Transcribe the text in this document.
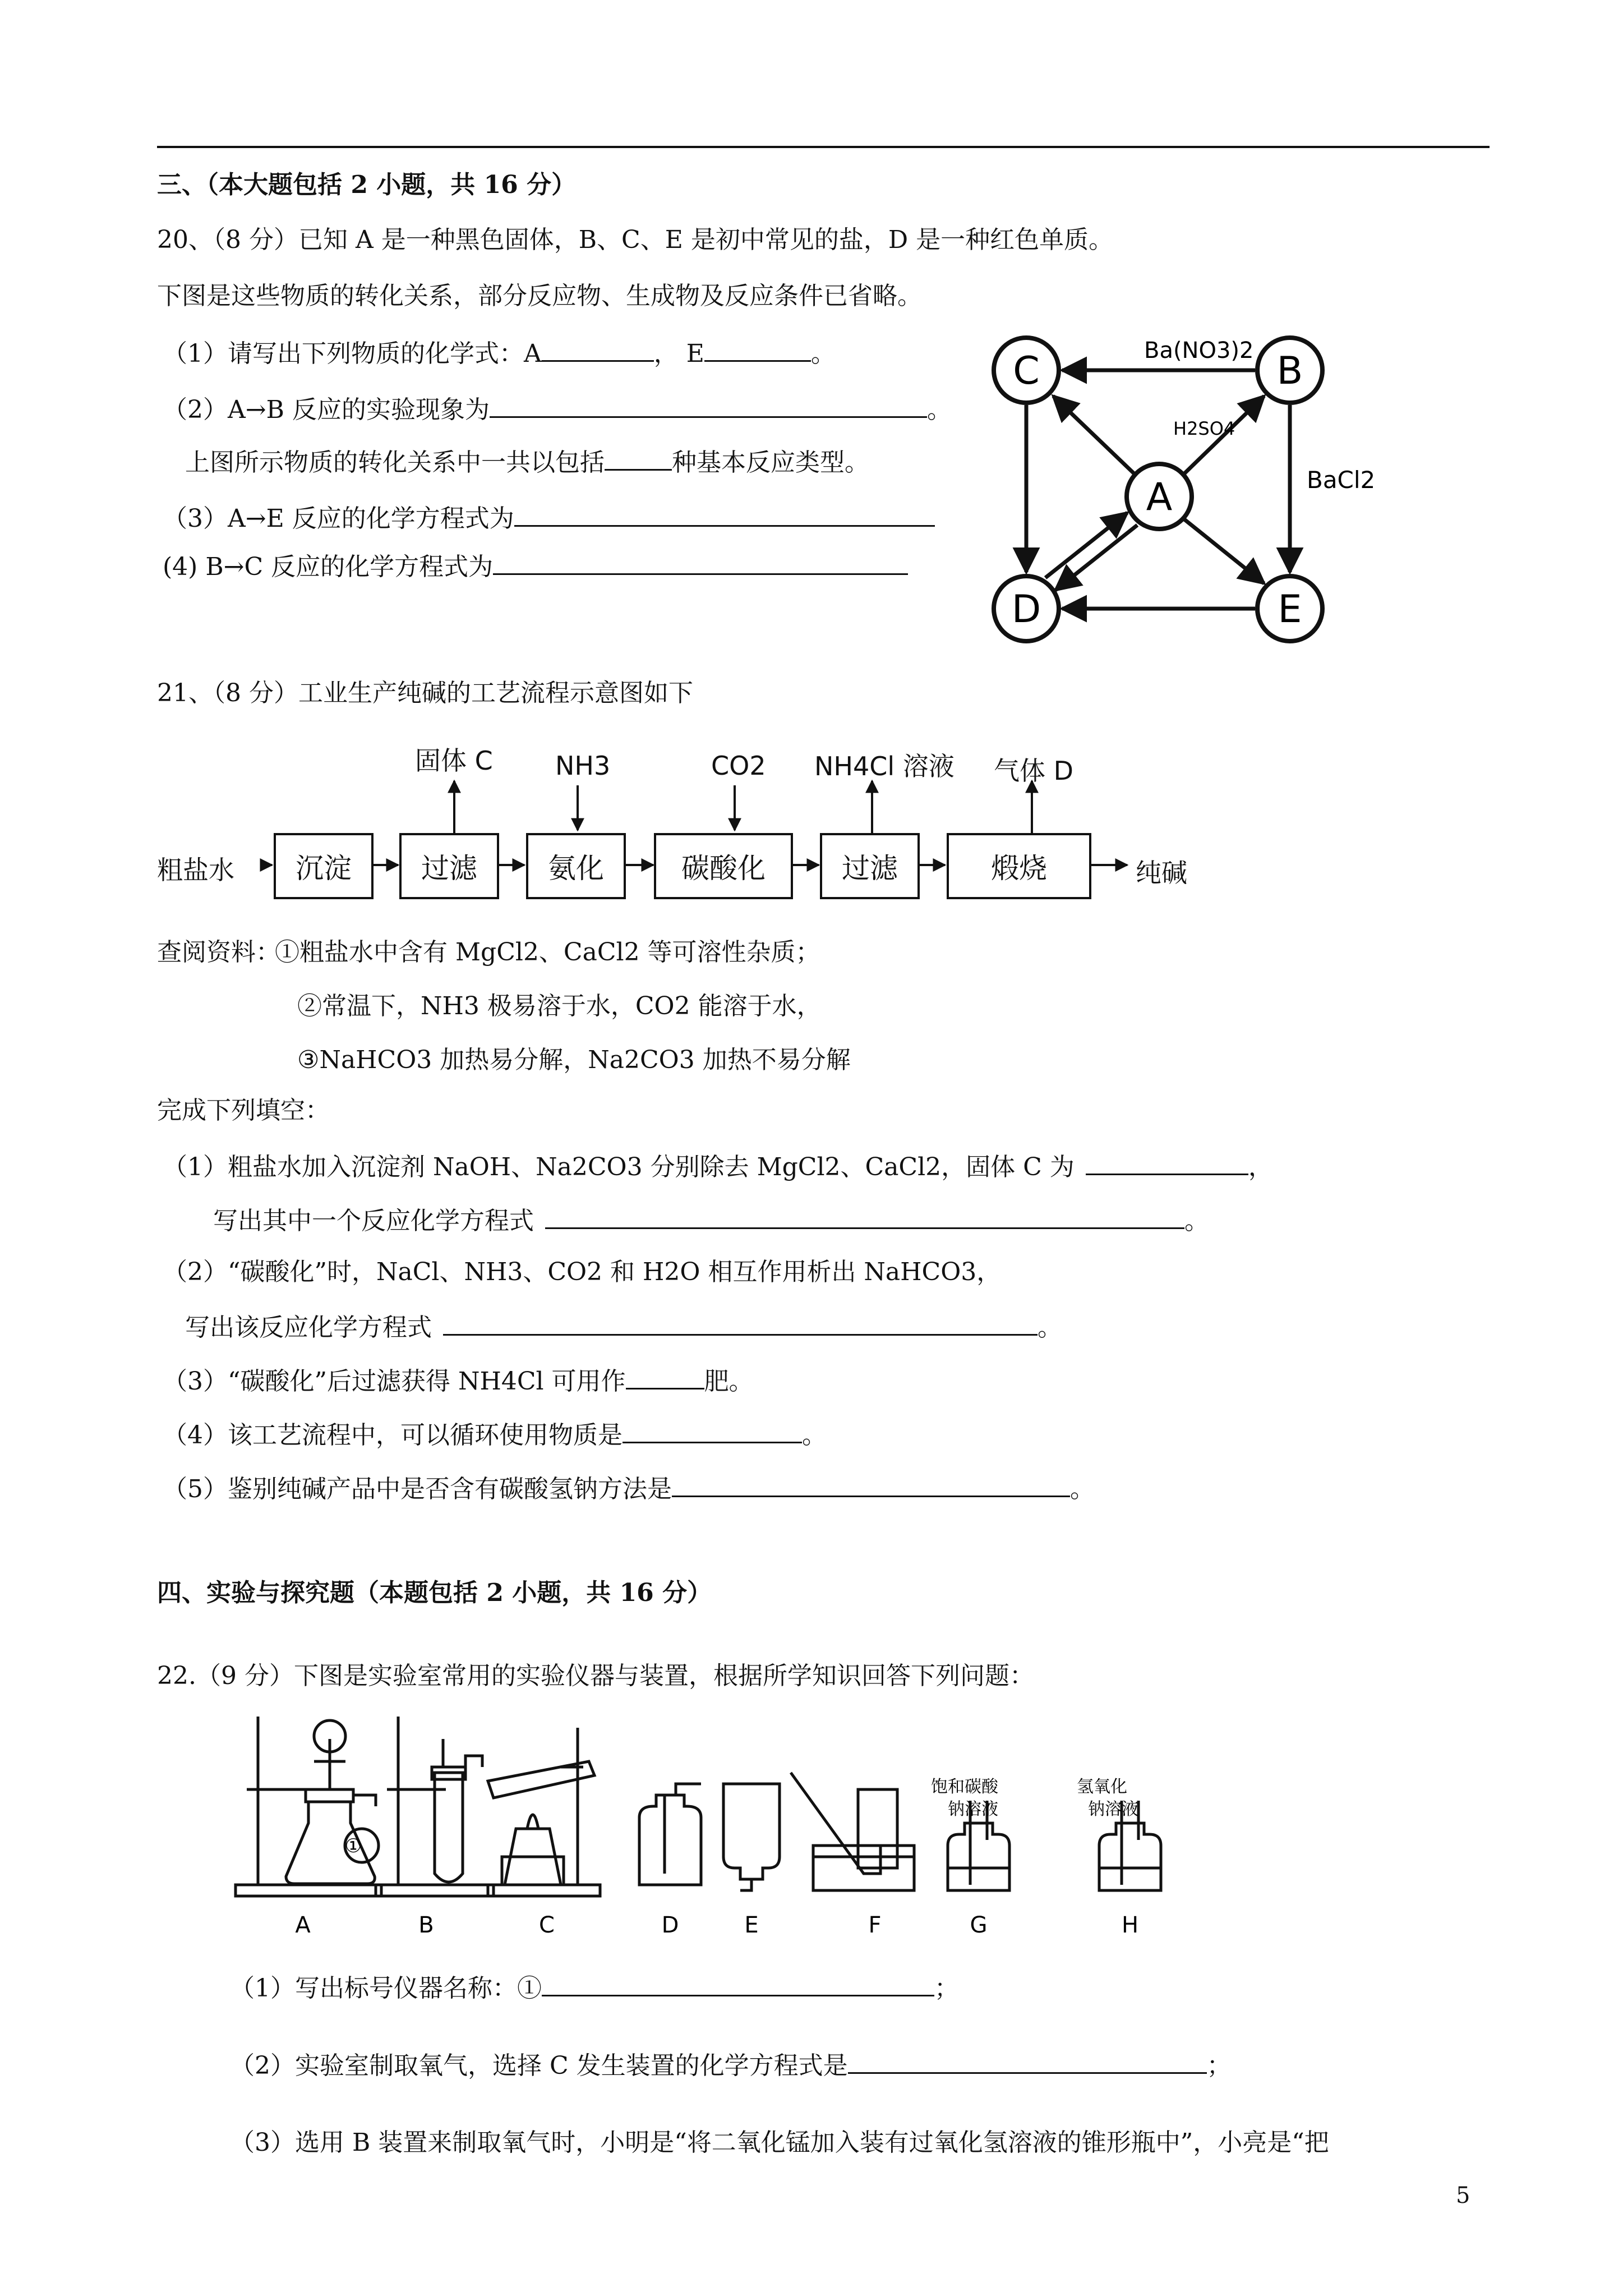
三、（本大题包括 2 小题，共 16 分）
20、（8 分）已知 A 是一种黑色固体，B、C、E 是初中常见的盐，D 是一种红色单质。
下图是这些物质的转化关系，部分反应物、生成物及反应条件已省略。
（1）请写出下列物质的化学式：A	， E	。
（2）A→B 反应的实验现象为	。
上图所示物质的转化关系中一共以包括	种基本反应类型。
（3）A→E 反应的化学方程式为
(4) B→C 反应的化学方程式为
C	B
A
D	E
Ba(NO3)2
H2SO4
BaCl2
21、（8 分）工业生产纯碱的工艺流程示意图如下
粗盐水	沉淀	过滤	氨化	碳酸化	过滤	煅烧	纯碱
固体 C NH3	CO2 NH4Cl 溶液 气体 D
查阅资料：
①粗盐水中含有 MgCl2、CaCl2 等可溶性杂质；
②常温下，NH3 极易溶于水，CO2 能溶于水，
③NaHCO3 加热易分解，Na2CO3 加热不易分解
完成下列填空：
（1）粗盐水加入沉淀剂 NaOH、Na2CO3 分别除去 MgCl2、CaCl2，固体 C 为	，
写出其中一个反应化学方程式	。
（2）“碳酸化”时，NaCl、NH3、CO2 和 H2O 相互作用析出 NaHCO3，
写出该反应化学方程式	。
（3）“碳酸化”后过滤获得 NH4Cl 可用作	肥。
（4）该工艺流程中，可以循环使用物质是	。
（5）鉴别纯碱产品中是否含有碳酸氢钠方法是	。
四、实验与探究题（本题包括 2 小题，共 16 分）
22.（9 分）下图是实验室常用的实验仪器与装置，根据所学知识回答下列问题：
①
饱和碳酸
钠溶液
氢氧化
钠溶液
A	B	C	D	E	F	G	H
（1）写出标号仪器名称：①	；
（2）实验室制取氧气，选择 C 发生装置的化学方程式是	；
（3）选用 B 装置来制取氧气时，小明是“将二氧化锰加入装有过氧化氢溶液的锥形瓶中”，小亮是“把
5
